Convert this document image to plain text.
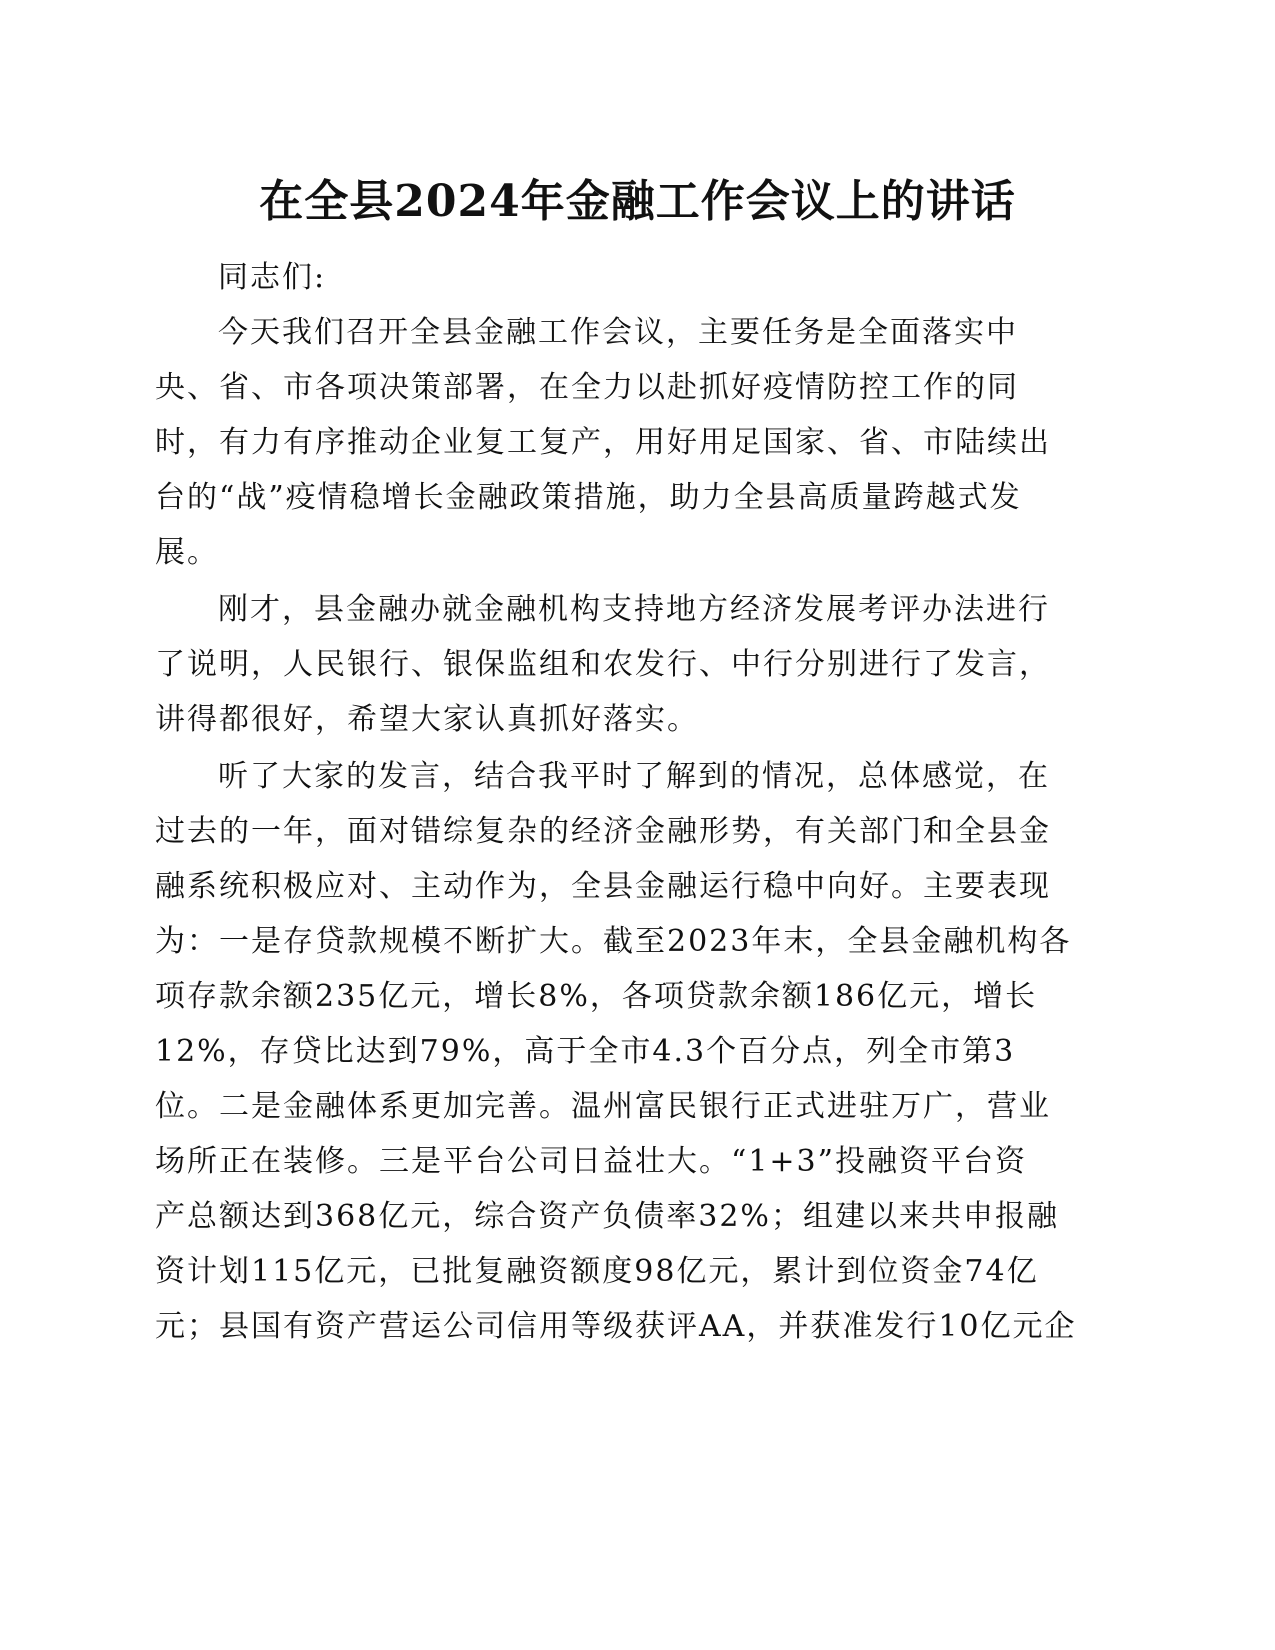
在全县2024年金融工作会议上的讲话
同志们:
今天我们召开全县金融工作会议，主要任务是全面落实中
央、省、市各项决策部署，在全力以赴抓好疫情防控工作的同
时，有力有序推动企业复工复产，用好用足国家、省、市陆续出
台的“战”疫情稳增长金融政策措施，助力全县高质量跨越式发
展。
刚才，县金融办就金融机构支持地方经济发展考评办法进行
了说明，人民银行、银保监组和农发行、中行分别进行了发言，
讲得都很好，希望大家认真抓好落实。
听了大家的发言，结合我平时了解到的情况，总体感觉，在
过去的一年，面对错综复杂的经济金融形势，有关部门和全县金
融系统积极应对、主动作为，全县金融运行稳中向好。主要表现
为：一是存贷款规模不断扩大。截至2023年末，全县金融机构各
项存款余额235亿元，增长8%，各项贷款余额186亿元，增长
12%，存贷比达到79%，高于全市4.3个百分点，列全市第3
位。二是金融体系更加完善。温州富民银行正式进驻万广，营业
场所正在装修。三是平台公司日益壮大。“1+3”投融资平台资
产总额达到368亿元，综合资产负债率32%；组建以来共申报融
资计划115亿元，已批复融资额度98亿元，累计到位资金74亿
元；县国有资产营运公司信用等级获评AA，并获准发行10亿元企
